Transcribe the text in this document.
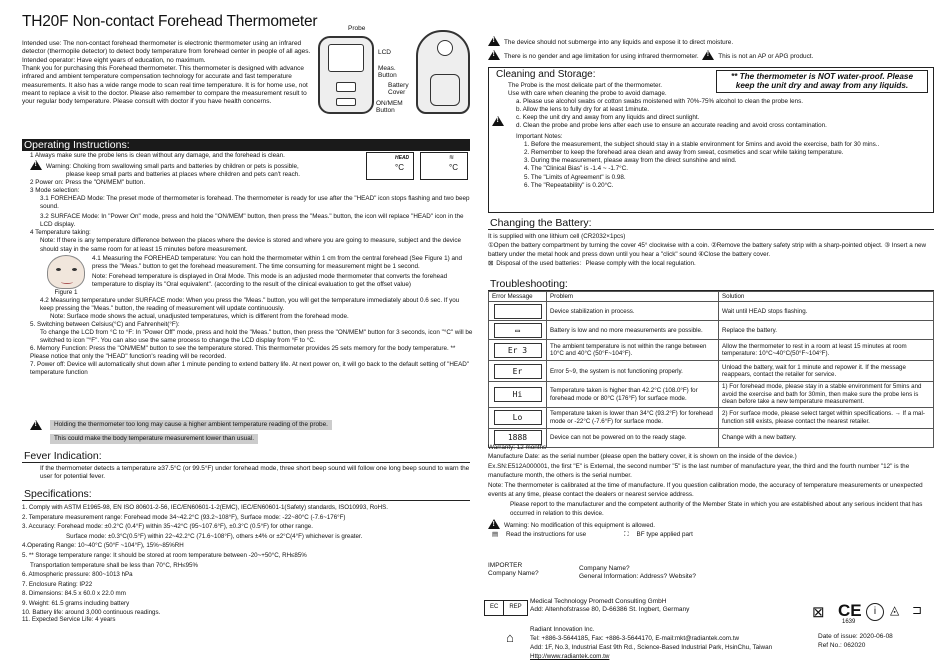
TH20F Non-contact Forehead Thermometer	Probe
LCD
Meas.
Button
Battery
Cover
ON/MEM
Button
Intended use: The non-contact forehead thermometer is electronic thermometer using an infrared detector (thermopile detector) to detect body temperature from forehead center in people of all ages.
Intended operator: Have eight years of education, no maximum.
Thank you for purchasing this Forehead thermometer. This thermometer is designed with advance infrared and ambient temperature compensation technology for accurate and fast temperature measurements. It also has a wide range mode to scan real time temperature. It is for home use, not meant to replace a visit to the doctor. Please also remember to compare the measurement result to your regular body temperature. Please consult with doctor if you have health concerns.
Operating Instructions:
1 Always make sure the probe lens is clean without any damage, and the forehead is clean.
!Warning: Choking from swallowing small parts and batteries by children or pets is possible,
please keep small parts and batteries at places where children and pets can't reach.
2 Power on: Press the "ON/MEM" button.
3 Mode selection:
3.1 FOREHEAD Mode: The preset mode of thermometer is forehead. The thermometer is ready for use after the "HEAD" icon stops flashing and two beep sound.
3.2 SURFACE Mode: In "Power On" mode, press and hold the "ON/MEM" button, then press the "Meas." button, the icon will replace "HEAD" icon in the LCD display.
4 Temperature taking:
Note: If there is any temperature difference between the places where the device is stored and where you are going to measure, subject and the device should stay in the same room for at least 15 minutes before measurement.
Figure 1
4.1 Measuring the FOREHEAD temperature: You can hold the thermometer within 1 cm from the central forehead (See Figure 1) and press the "Meas." button to get the forehead measurement. The time consuming for measurement might be 1 second.
Note: Forehead temperature is displayed in Oral Mode. This mode is an adjusted mode thermometer that converts the forehead temperature to display its "Oral equivalent". (according to the result of the clinical evaluation to get the offset value)
4.2 Measuring temperature under SURFACE mode: When you press the "Meas." button, you will get the temperature immediately about 0.6 sec. If you keep pressing the "Meas." button, the reading of measurement will update continuously.
Note: Surface mode shows the actual, unadjusted temperatures, which is different from the forehead mode.
5. Switching between Celsius(°C) and Fahrenheit(°F):
To change the LCD from °C to °F: In "Power Off" mode, press and hold the "Meas." button, then press the "ON/MEM" button for 3 seconds, icon "°C" will be switched to icon "°F". You can also use the same process to change the LCD display from °F to °C.
6. Memory Function: Press the "ON/MEM" button to see the temperature stored. This thermometer provides 25 sets memory for the body temperature. ** Please notice that only the "HEAD" function's reading will be recorded.
7. Power off: Device will automatically shut down after 1 minute pending to extend battery life. At next power on, it will go back to the default setting of "HEAD" temperature function
HEAD
°C
≋
°C
!
Holding the thermometer too long may cause a higher ambient temperature reading of the probe.
This could make the body temperature measurement lower than usual.
Fever Indication:
If the thermometer detects a temperature ≥37.5°C (or 99.5°F) under forehead mode, three short beep sound will follow one long beep sound to warn the user for potential fever.
Specifications:
1. Comply with ASTM E1965-98, EN ISO 80601-2-56, IEC/EN60601-1-2(EMC), IEC/EN60601-1(Safety) standards, ISO10993, RoHS.
2. Temperature measurement range: Forehead mode 34~42.2°C (93.2~108°F), Surface mode: -22~80°C (-7.6~176°F)
3. Accuracy: Forehead mode: ±0.2°C (0.4°F) within 35~42°C (95~107.6°F), ±0.3°C (0.5°F) for other range.
Surface mode: ±0.3°C(0.5°F) within 22~42.2°C (71.6~108°F), others ±4% or ±2°C(4°F) whichever is greater.
4.Operating Range: 10~40°C (50°F ~104°F), 15%~85%RH
5. ** Storage temperature range: It should be stored at room temperature between -20~+50°C, RH≤85%
Transportation temperature shall be less than 70°C, RH≤95%
6. Atmospheric pressure: 800~1013 hPa
7. Enclosure Rating: IP22
8. Dimensions: 84.5 x 60.0 x 22.0 mm
9. Weight: 61.5 grams including battery
10. Battery life: around 3,000 continuous readings.
11. Expected Service Life: 4 years
!The device should not submerge into any liquids and expose it to direct moisture.
!There is no gender and age limitation for using infrared thermometer. !	This is not an AP or APG product.
Cleaning and Storage:	** The thermometer is NOT water-proof. Please keep the unit dry and away from any liquids.
The Probe is the most delicate part of the thermometer.
Use with care when cleaning the probe to avoid damage.
a. Please use alcohol swabs or cotton swabs moistened with 70%-75% alcohol to clean the probe lens.
b. Allow the lens to fully dry for at least 1minute.
c. Keep the unit dry and away from any liquids and direct sunlight.
d. Clean the probe and probe lens after each use to ensure an accurate reading and avoid cross contamination.
Important Notes:
1. Before the measurement, the subject should stay in a stable environment for 5mins and avoid the exercise, bath for 30 mins..
2. Remember to keep the forehead area clean and away from sweat, cosmetics and scar while taking temperature.
3. During the measurement, please away from the direct sunshine and wind.
4. The "Clinical Bias" is -1.4 ~ -1.7°C.
5. The "Limits of Agreement" is 0.98.
6. The "Repeatability" is 0.20°C.
!
Changing the Battery:
It is supplied with one lithium cell (CR2032×1pcs)
①Open the battery compartment by turning the cover 45° clockwise with a coin. ②Remove the battery safety strip with a sharp-pointed object. ③ Insert a new battery under the metal hook and press down until you hear a "click" sound ④Close the battery cover.
⊠ Disposal of the used batteries：Please comply with the local regulation.
Troubleshooting:
Error Message	Problem	Solution

	Device stabilization in process.	Wait until HEAD stops flashing.

▭	Battery is low and no more measurements are possible.	Replace the battery.

Er 3	The ambient temperature is not within the range between 10°C and 40°C (50°F~104°F).	Allow the thermometer to rest in a room at least 15 minutes at room temperature: 10°C~40°C(50°F~104°F).

Er	Error 5~9, the system is not functioning properly.	Unload the battery, wait for 1 minute and repower it. If the message reappears, contact the retailer for service.

Hi	Temperature taken is higher than 42.2°C (108.0°F) for forehead mode or 80°C (176°F) for surface mode.	1) For forehead mode, please stay in a stable environment for 5mins and avoid the exercise and bath for 30min, then make sure the probe lens is clean before take a new temperature measurement.

Lo	Temperature taken is lower than 34°C (93.2°F) for forehead mode or -22°C (-7.6°F) for surface mode.	2) For surface mode, please select target within specifications. → If a mal-function still exists, please contact the nearest retailer.

1888	Device can not be powered on to the ready stage.	Change with a new battery.
Warranty: 12 months
Manufacture Date: as the serial number (please open the battery cover, it is shown on the inside of the device.)
Ex.SN:E512A000001, the first "E" is External, the second number "5" is the last number of manufacture year, the third and the fourth number "12" is the manufacture month, the others is the serial number.
Note: The thermometer is calibrated at the time of manufacture. If you question calibration mode, the accuracy of temperature measurements or unexpected events at any time, please contact the dealers or nearest service address.
Please report to the manufacturer and the competent authority of the Member State in which you are established about any serious incident that has occurred in relation to this device.
!Warning: No modification of this equipment is allowed.
▤ Read the instructions for use	⛶ BF type applied part
IMPORTER
Company Name?
Company Name?
General Information: Address? Website?
EC	REP
Medical Technology Promedt Consulting GmbH
Add: Altenhofstrasse 80, D-66386 St. Ingbert, Germany
⌂
Radiant Innovation Inc.
Tel: +886-3-5644185, Fax: +886-3-5644170, E-mail:mkt@radiantek.com.tw
Add: 1F, No.3, Industrial East 9th Rd., Science-Based Industrial Park, HsinChu, Taiwan
Http://www.radiantek.com.tw
⊠ CE
1639
i	◬ ⊐
Date of issue: 2020-06-08
Ref No.: 062020
